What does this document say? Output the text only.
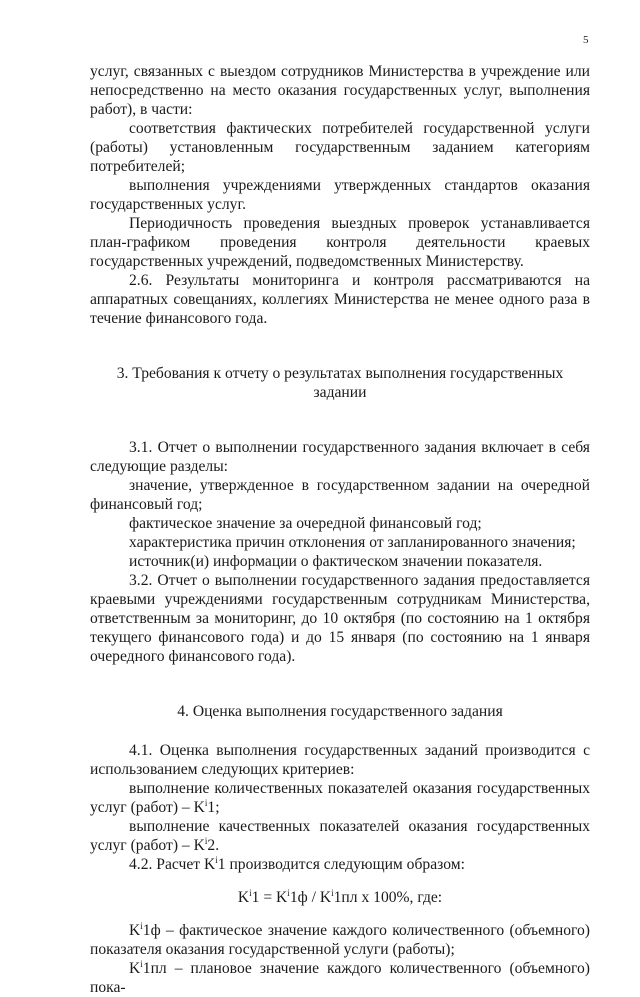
5

услуг, связанных с выездом сотрудников Министерства в учреждение или непосредственно на место оказания государственных услуг, выполнения работ), в части:

соответствия фактических потребителей государственной услуги (работы) установленным государственным заданием категориям потребителей;

выполнения учреждениями утвержденных стандартов оказания государственных услуг.

Периодичность проведения выездных проверок устанавливается план-графиком проведения контроля деятельности краевых государственных учреждений, подведомственных Министерству.

2.6. Результаты мониторинга и контроля рассматриваются на аппаратных совещаниях, коллегиях Министерства не менее одного раза в течение финансового года.

3. Требования к отчету о результатах выполнения государственных задании

3.1. Отчет о выполнении государственного задания включает в себя следующие разделы:

значение, утвержденное в государственном задании на очередной финансовый год;

фактическое значение за очередной финансовый год;

характеристика причин отклонения от запланированного значения;

источник(и) информации о фактическом значении показателя.

3.2. Отчет о выполнении государственного задания предоставляется краевыми учреждениями государственным сотрудникам Министерства, ответственным за мониторинг, до 10 октября (по состоянию на 1 октября текущего финансового года) и до 15 января (по состоянию на 1 января очередного финансового года).

4. Оценка выполнения государственного задания

4.1. Оценка выполнения государственных заданий производится с использованием следующих критериев:

выполнение количественных показателей оказания государственных услуг (работ) – $K^i1$;

выполнение качественных показателей оказания государственных услуг (работ) – $K^i2$.

4.2. Расчет $K^i1$ производится следующим образом:

$K^i1 = K^i1ф / K^i1пл$ х 100%, где:

$K^i1ф$ – фактическое значение каждого количественного (объемного) показателя оказания государственной услуги (работы);

$K^i1пл$ – плановое значение каждого количественного (объемного) пока-
